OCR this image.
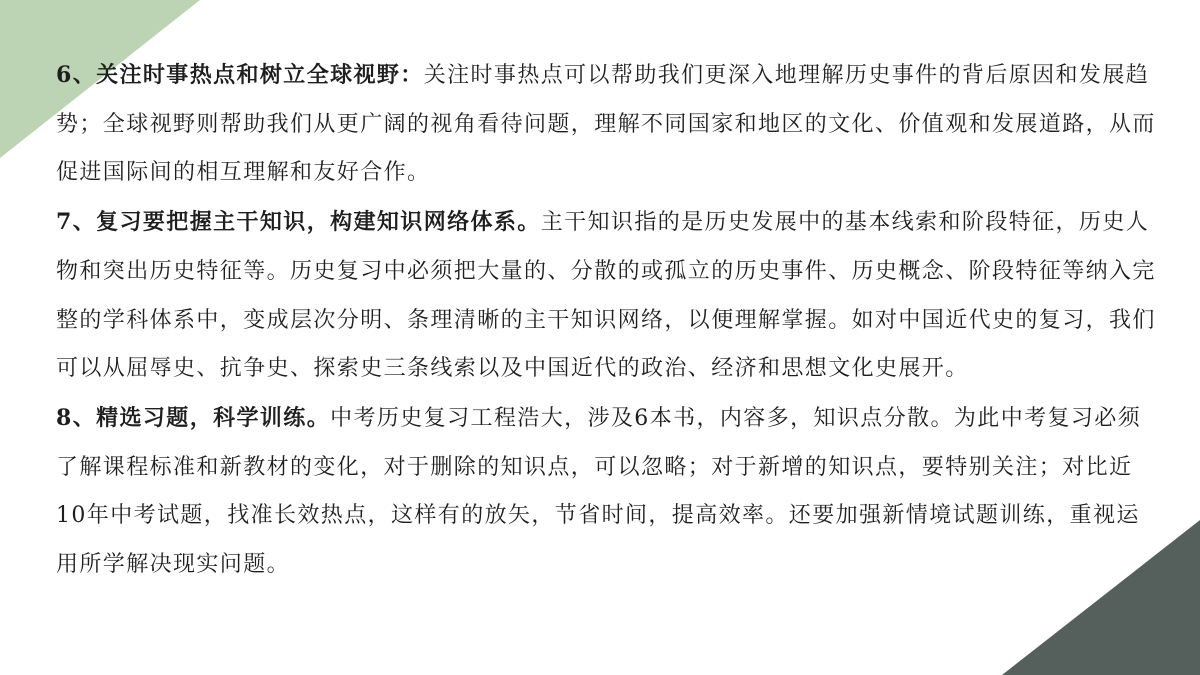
6、关注时事热点和树立全球视野：关注时事热点可以帮助我们更深入地理解历史事件的背后原因和发展趋势；全球视野则帮助我们从更广阔的视角看待问题，理解不同国家和地区的文化、价值观和发展道路，从而促进国际间的相互理解和友好合作。

7、复习要把握主干知识，构建知识网络体系。主干知识指的是历史发展中的基本线索和阶段特征，历史人物和突出历史特征等。历史复习中必须把大量的、分散的或孤立的历史事件、历史概念、阶段特征等纳入完整的学科体系中，变成层次分明、条理清晰的主干知识网络，以便理解掌握。如对中国近代史的复习，我们可以从屈辱史、抗争史、探索史三条线索以及中国近代的政治、经济和思想文化史展开。

8、精选习题，科学训练。中考历史复习工程浩大，涉及6本书，内容多，知识点分散。为此中考复习必须了解课程标准和新教材的变化，对于删除的知识点，可以忽略；对于新增的知识点，要特别关注；对比近10年中考试题，找准长效热点，这样有的放矢，节省时间，提高效率。还要加强新情境试题训练，重视运用所学解决现实问题。
